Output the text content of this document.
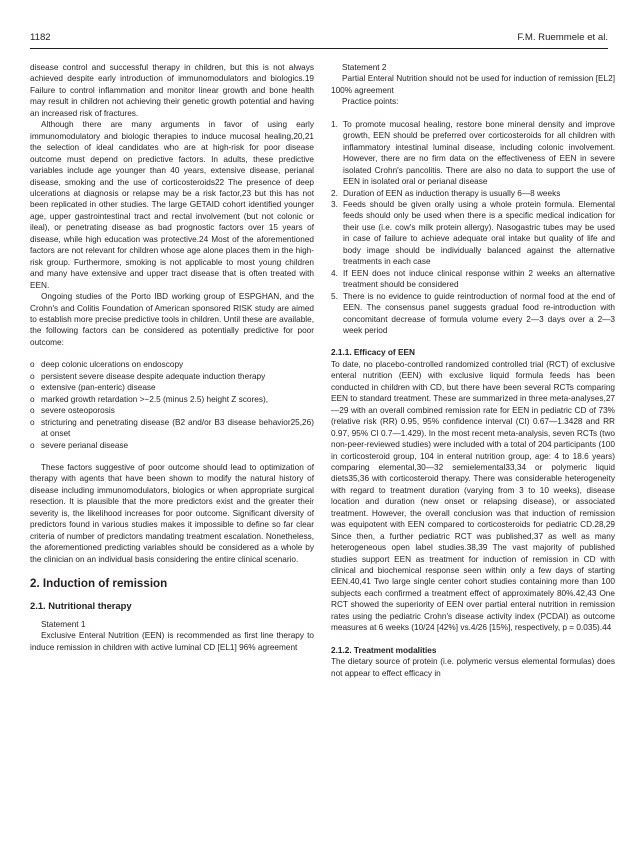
1182	F.M. Ruemmele et al.

disease control and successful therapy in children, but this is not always achieved despite early introduction of immunomodulators and biologics.19 Failure to control inflammation and monitor linear growth and bone health may result in children not achieving their genetic growth potential and having an increased risk of fractures.

Although there are many arguments in favor of using early immunomodulatory and biologic therapies to induce mucosal healing,20,21 the selection of ideal candidates who are at high-risk for poor disease outcome must depend on predictive factors. In adults, these predictive variables include age younger than 40 years, extensive disease, perianal disease, smoking and the use of corticosteroids22 The presence of deep ulcerations at diagnosis or relapse may be a risk factor,23 but this has not been replicated in other studies. The large GETAID cohort identified younger age, upper gastrointestinal tract and rectal involvement (but not colonic or ileal), or penetrating disease as bad prognostic factors over 15 years of disease, while high education was protective.24 Most of the aforementioned factors are not relevant for children whose age alone places them in the high-risk group. Furthermore, smoking is not applicable to most young children and many have extensive and upper tract disease that is often treated with EEN.

Ongoing studies of the Porto IBD working group of ESPGHAN, and the Crohn's and Colitis Foundation of American sponsored RISK study are aimed to establish more precise predictive tools in children. Until these are available, the following factors can be considered as potentially predictive for poor outcome:

o deep colonic ulcerations on endoscopy
o persistent severe disease despite adequate induction therapy
o extensive (pan-enteric) disease
o marked growth retardation >−2.5 (minus 2.5) height Z scores),
o severe osteoporosis
o stricturing and penetrating disease (B2 and/or B3 disease behavior25,26) at onset
o severe perianal disease

These factors suggestive of poor outcome should lead to optimization of therapy with agents that have been shown to modify the natural history of disease including immunomodulators, biologics or when appropriate surgical resection. It is plausible that the more predictors exist and the greater their severity is, the likelihood increases for poor outcome. Significant diversity of predictors found in various studies makes it impossible to define so far clear criteria of number of predictors mandating treatment escalation. Nonetheless, the aforementioned predicting variables should be considered as a whole by the clinician on an individual basis considering the entire clinical scenario.

2. Induction of remission
2.1. Nutritional therapy

Statement 1

Exclusive Enteral Nutrition (EEN) is recommended as first line therapy to induce remission in children with active luminal CD [EL1] 96% agreement

Statement 2

Partial Enteral Nutrition should not be used for induction of remission [EL2] 100% agreement

Practice points:

1. To promote mucosal healing, restore bone mineral density and improve growth, EEN should be preferred over corticosteroids for all children with inflammatory intestinal luminal disease, including colonic involvement. However, there are no firm data on the effectiveness of EEN in severe isolated Crohn's pancolitis. There are also no data to support the use of EEN in isolated oral or perianal disease
2. Duration of EEN as induction therapy is usually 6—8 weeks
3. Feeds should be given orally using a whole protein formula. Elemental feeds should only be used when there is a specific medical indication for their use (i.e. cow's milk protein allergy). Nasogastric tubes may be used in case of failure to achieve adequate oral intake but quality of life and body image should be individually balanced against the alternative treatments in each case
4. If EEN does not induce clinical response within 2 weeks an alternative treatment should be considered
5. There is no evidence to guide reintroduction of normal food at the end of EEN. The consensus panel suggests gradual food re-introduction with concomitant decrease of formula volume every 2—3 days over a 2—3 week period
2.1.1. Efficacy of EEN

To date, no placebo-controlled randomized controlled trial (RCT) of exclusive enteral nutrition (EEN) with exclusive liquid formula feeds has been conducted in children with CD, but there have been several RCTs comparing EEN to standard treatment. These are summarized in three meta-analyses,27—29 with an overall combined remission rate for EEN in pediatric CD of 73% (relative risk (RR) 0.95, 95% confidence interval (CI) 0.67—1.3428 and RR 0.97, 95% CI 0.7—1.429). In the most recent meta-analysis, seven RCTs (two non-peer-reviewed studies) were included with a total of 204 participants (100 in corticosteroid group, 104 in enteral nutrition group, age: 4 to 18.6 years) comparing elemental,30—32 semielemental33,34 or polymeric liquid diets35,36 with corticosteroid therapy. There was considerable heterogeneity with regard to treatment duration (varying from 3 to 10 weeks), disease location and duration (new onset or relapsing disease), or associated treatment. However, the overall conclusion was that induction of remission was equipotent with EEN compared to corticosteroids for pediatric CD.28,29 Since then, a further pediatric RCT was published,37 as well as many heterogeneous open label studies.38,39 The vast majority of published studies support EEN as treatment for induction of remission in CD with clinical and biochemical response seen within only a few days of starting EEN.40,41 Two large single center cohort studies containing more than 100 subjects each confirmed a treatment effect of approximately 80%.42,43 One RCT showed the superiority of EEN over partial enteral nutrition in remission rates using the pediatric Crohn's disease activity index (PCDAI) as outcome measures at 6 weeks (10/24 [42%] vs.4/26 [15%], respectively, p = 0.035).44

2.1.2. Treatment modalities

The dietary source of protein (i.e. polymeric versus elemental formulas) does not appear to effect efficacy in
